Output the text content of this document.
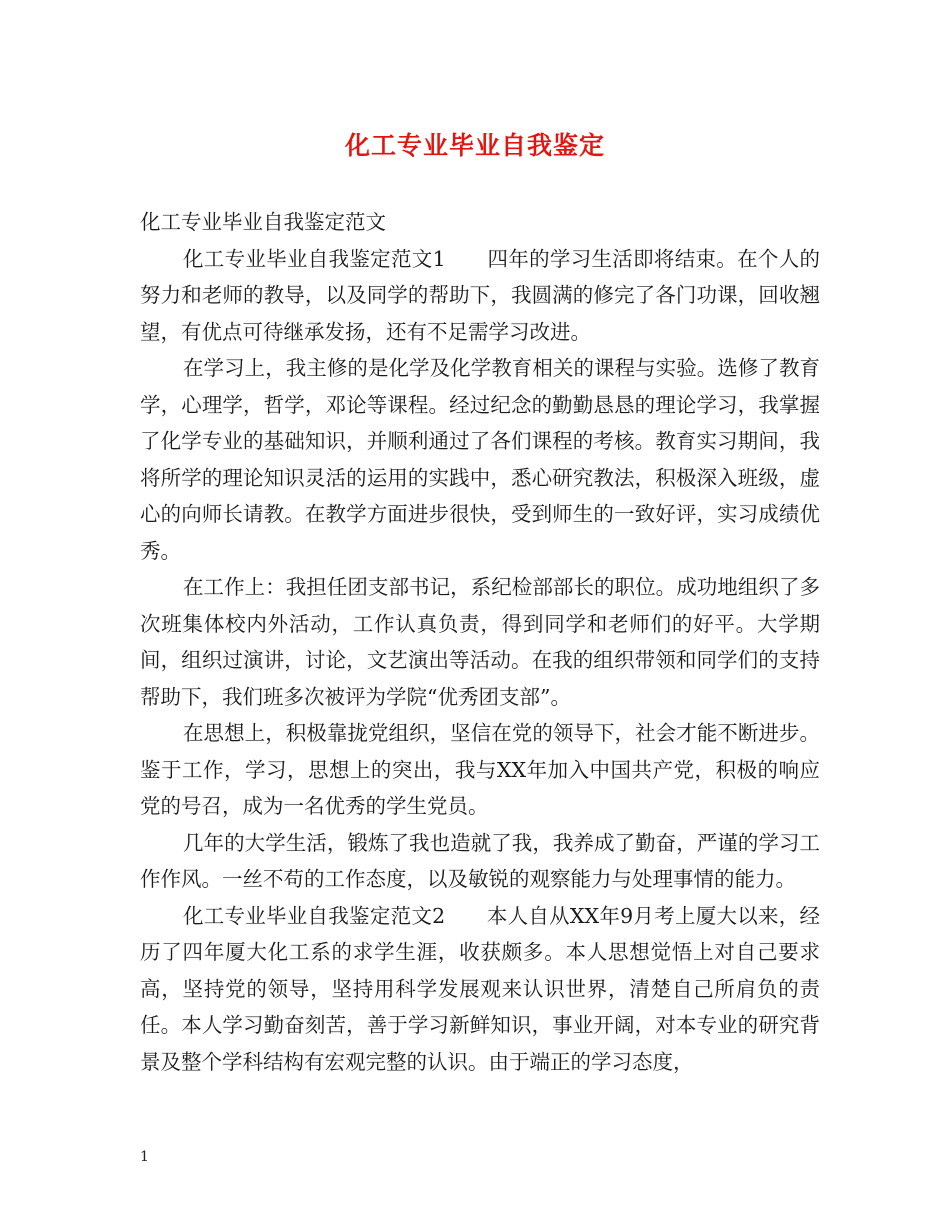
化工专业毕业自我鉴定

化工专业毕业自我鉴定范文

化工专业毕业自我鉴定范文1　　四年的学习生活即将结束。在个人的努力和老师的教导，以及同学的帮助下，我圆满的修完了各门功课，回收翘望，有优点可待继承发扬，还有不足需学习改进。

在学习上，我主修的是化学及化学教育相关的课程与实验。选修了教育学，心理学，哲学，邓论等课程。经过纪念的勤勤恳恳的理论学习，我掌握了化学专业的基础知识，并顺利通过了各们课程的考核。教育实习期间，我将所学的理论知识灵活的运用的实践中，悉心研究教法，积极深入班级，虚心的向师长请教。在教学方面进步很快，受到师生的一致好评，实习成绩优秀。

在工作上：我担任团支部书记，系纪检部部长的职位。成功地组织了多次班集体校内外活动，工作认真负责，得到同学和老师们的好平。大学期间，组织过演讲，讨论，文艺演出等活动。在我的组织带领和同学们的支持帮助下，我们班多次被评为学院“优秀团支部”。

在思想上，积极靠拢党组织，坚信在党的领导下，社会才能不断进步。鉴于工作，学习，思想上的突出，我与XX年加入中国共产党，积极的响应党的号召，成为一名优秀的学生党员。

几年的大学生活，锻炼了我也造就了我，我养成了勤奋，严谨的学习工作作风。一丝不苟的工作态度，以及敏锐的观察能力与处理事情的能力。

化工专业毕业自我鉴定范文2　　本人自从XX年9月考上厦大以来，经历了四年厦大化工系的求学生涯，收获颇多。本人思想觉悟上对自己要求高，坚持党的领导，坚持用科学发展观来认识世界，清楚自己所肩负的责任。本人学习勤奋刻苦，善于学习新鲜知识，事业开阔，对本专业的研究背景及整个学科结构有宏观完整的认识。由于端正的学习态度，

1
